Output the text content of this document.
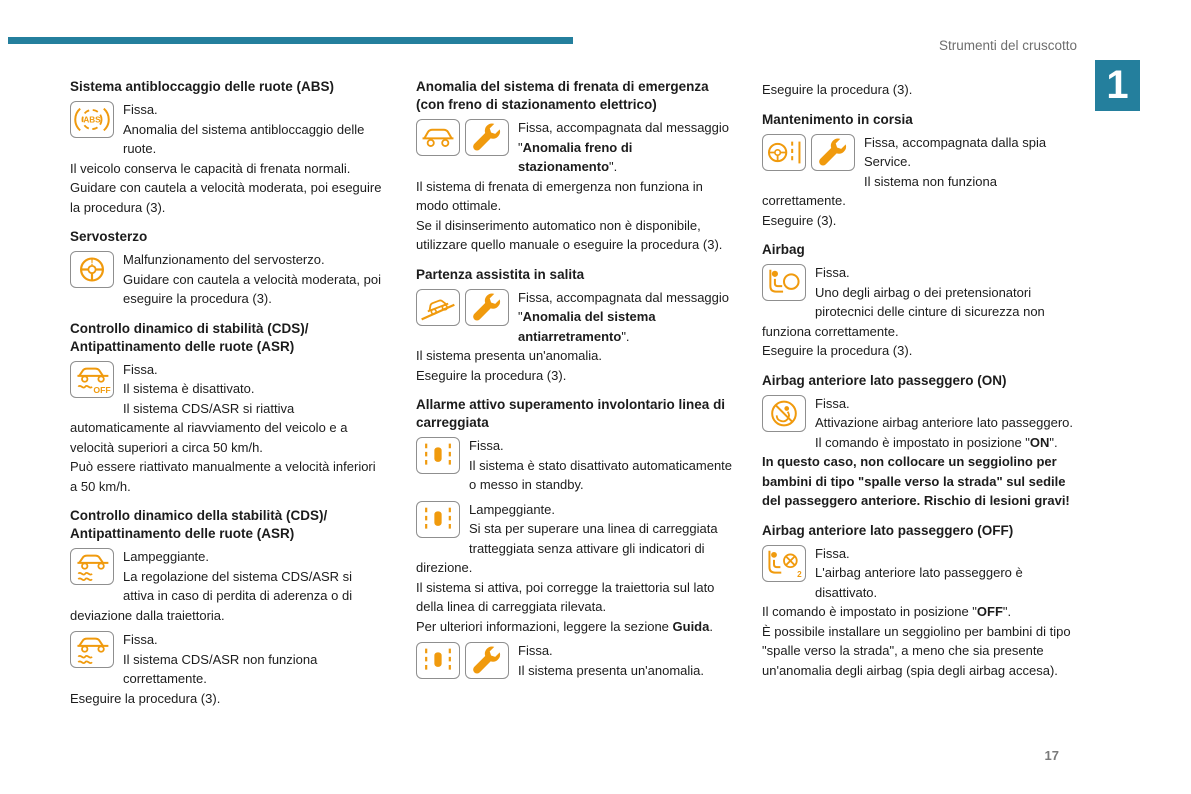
Strumenti del cruscotto
1
Sistema antibloccaggio delle ruote (ABS)
ABS

Fissa.

Anomalia del sistema antibloccaggio delle ruote.

Il veicolo conserva le capacità di frenata normali.

Guidare con cautela a velocità moderata, poi eseguire la procedura (3).

Servosterzo
!	Malfunzionamento del servosterzo.

Guidare con cautela a velocità moderata, poi eseguire la procedura (3).

Controllo dinamico di stabilità (CDS)/ Antipattinamento delle ruote (ASR)
OFF

Fissa.

Il sistema è disattivato.

Il sistema CDS/ASR si riattiva automaticamente al riavviamento del veicolo e a velocità superiori a circa 50 km/h.

Può essere riattivato manualmente a velocità inferiori a 50 km/h.

Controllo dinamico della stabilità (CDS)/ Antipattinamento delle ruote (ASR)

Lampeggiante.

La regolazione del sistema CDS/ASR si attiva in caso di perdita di aderenza o di deviazione dalla traiettoria.

Fissa.

Il sistema CDS/ASR non funziona correttamente.

Eseguire la procedura (3).

Anomalia del sistema di frenata di emergenza (con freno di stazionamento elettrico)

Fissa, accompagnata dal messaggio "Anomalia freno di stazionamento".

Il sistema di frenata di emergenza non funziona in modo ottimale.

Se il disinserimento automatico non è disponibile, utilizzare quello manuale o eseguire la procedura (3).

Partenza assistita in salita

Fissa, accompagnata dal messaggio "Anomalia del sistema antiarretramento".

Il sistema presenta un'anomalia.

Eseguire la procedura (3).

Allarme attivo superamento involontario linea di carreggiata

Fissa.

Il sistema è stato disattivato automaticamente o messo in standby.

Lampeggiante.

Si sta per superare una linea di carreggiata tratteggiata senza attivare gli indicatori di direzione.

Il sistema si attiva, poi corregge la traiettoria sul lato della linea di carreggiata rilevata.

Per ulteriori informazioni, leggere la sezione Guida.

Fissa.

Il sistema presenta un'anomalia.

Eseguire la procedura (3).

Mantenimento in corsia

Fissa, accompagnata dalla spia Service.

Il sistema non funziona correttamente.

Eseguire (3).

Airbag

Fissa.

Uno degli airbag o dei pretensionatori pirotecnici delle cinture di sicurezza non funziona correttamente.

Eseguire la procedura (3).

Airbag anteriore lato passeggero (ON)

Fissa.

Attivazione airbag anteriore lato passeggero.

Il comando è impostato in posizione "ON".

In questo caso, non collocare un seggiolino per bambini di tipo "spalle verso la strada" sul sedile del passeggero anteriore. Rischio di lesioni gravi!

Airbag anteriore lato passeggero (OFF)
2

Fissa.

L'airbag anteriore lato passeggero è disattivato.

Il comando è impostato in posizione "OFF".

È possibile installare un seggiolino per bambini di tipo "spalle verso la strada", a meno che sia presente un'anomalia degli airbag (spia degli airbag accesa).

17
